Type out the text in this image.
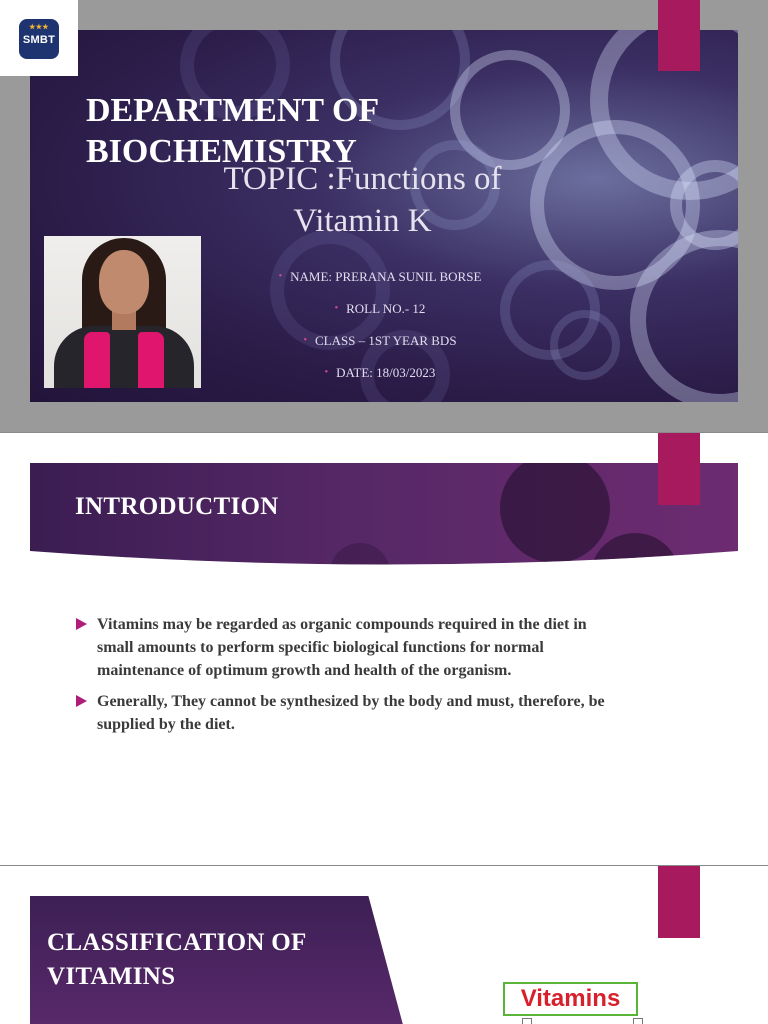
★★★
SMBT
DEPARTMENT OF BIOCHEMISTRY
TOPIC :Functions of Vitamin K
• NAME: PRERANA SUNIL BORSE
• ROLL NO.- 12
• CLASS – 1ST YEAR BDS
• DATE: 18/03/2023
INTRODUCTION
Vitamins may be regarded as organic compounds required in the diet in small amounts to perform specific biological functions for normal maintenance of optimum growth and health of the organism.
Generally, They cannot be synthesized by the body and must, therefore, be supplied by the diet.
CLASSIFICATION OF VITAMINS
Vitamins
